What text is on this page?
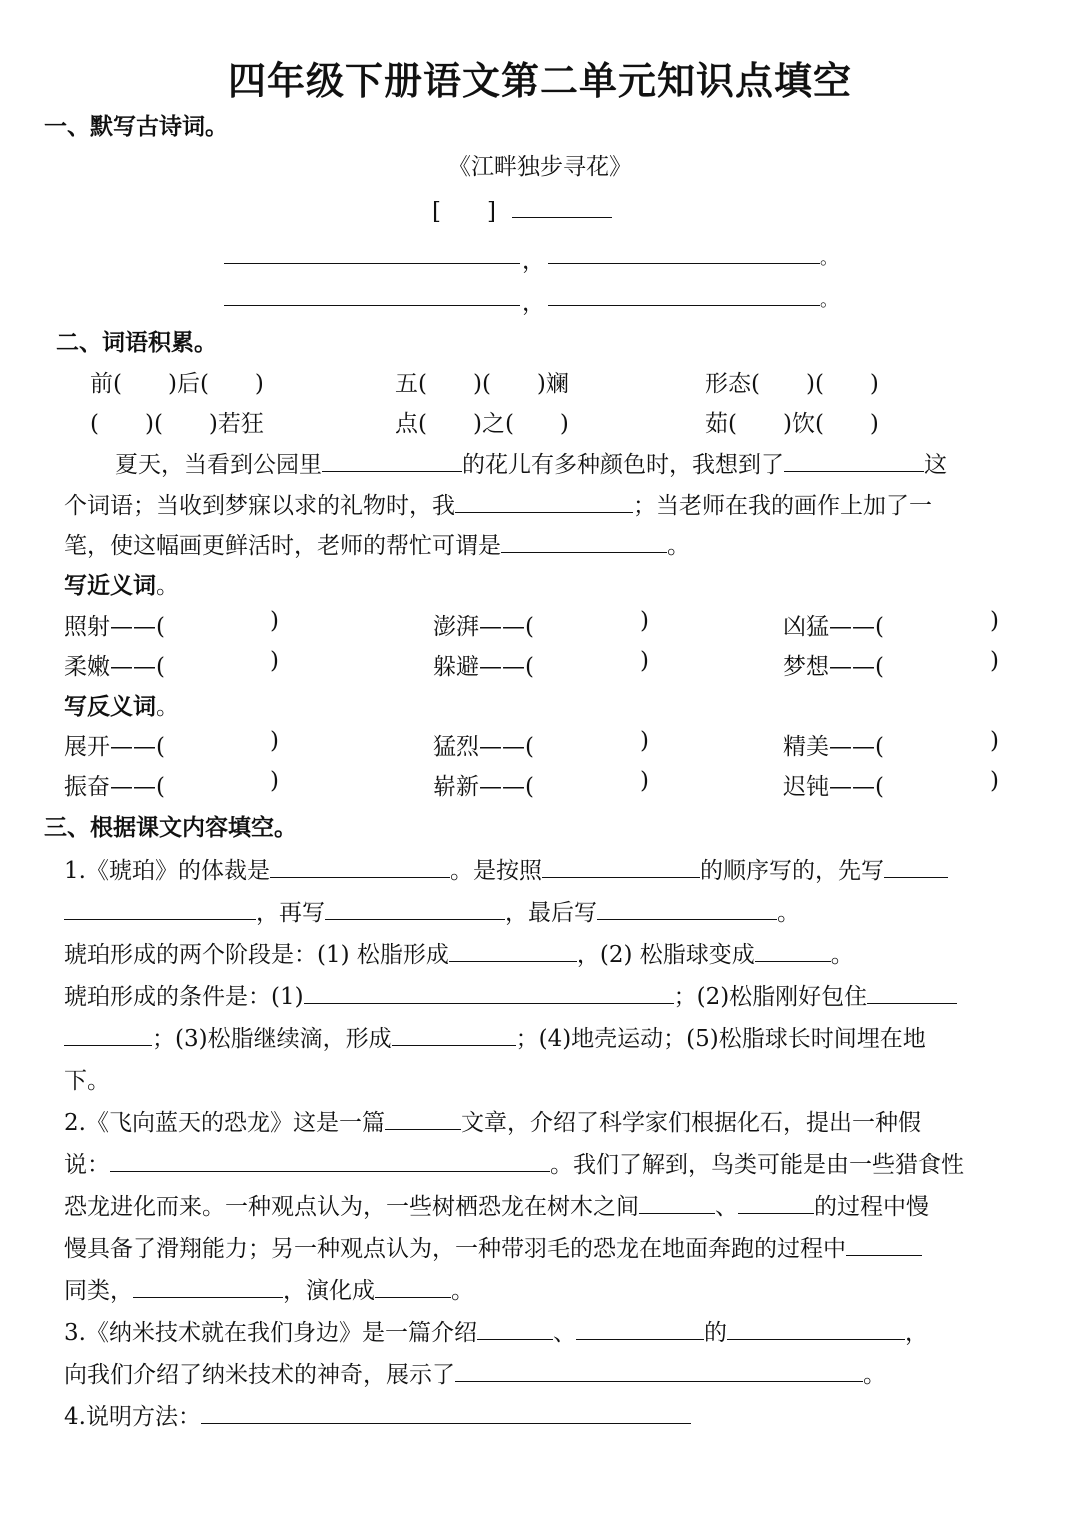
四年级下册语文第二单元知识点填空
一、默写古诗词。
《江畔独步寻花》
[　　]
，	。
，	。
二、词语积累。
前(　　)后(　　)	五(　　)(　　)斓	形态(　　)(　　)
(　　)(　　)若狂	点(　　)之(　　)	茹(　　)饮(　　)
夏天，当看到公园里	的花儿有多种颜色时，我想到了	这
个词语；当收到梦寐以求的礼物时，我	；当老师在我的画作上加了一
笔，使这幅画更鲜活时，老师的帮忙可谓是	。
写近义词。
照射——(	)	澎湃——(	)	凶猛——(	)
柔嫩——(	)	躲避——(	)	梦想——(	)
写反义词。
展开——(	)	猛烈——(	)	精美——(	)
振奋——(	)	崭新——(	)	迟钝——(	)
三、根据课文内容填空。
1.《琥珀》的体裁是	。是按照	的顺序写的，先写
，再写	，最后写	。
琥珀形成的两个阶段是：(1) 松脂形成	，(2) 松脂球变成	。
琥珀形成的条件是：(1)	；(2)松脂刚好包住
；(3)松脂继续滴，形成	；(4)地壳运动；(5)松脂球长时间埋在地
下。
2.《飞向蓝天的恐龙》这是一篇	文章，介绍了科学家们根据化石，提出一种假
说：	。我们了解到，鸟类可能是由一些猎食性
恐龙进化而来。一种观点认为，一些树栖恐龙在树木之间	、	的过程中慢
慢具备了滑翔能力；另一种观点认为，一种带羽毛的恐龙在地面奔跑的过程中
同类，	，演化成	。
3.《纳米技术就在我们身边》是一篇介绍	、	的	，
向我们介绍了纳米技术的神奇，展示了	。
4.说明方法：
